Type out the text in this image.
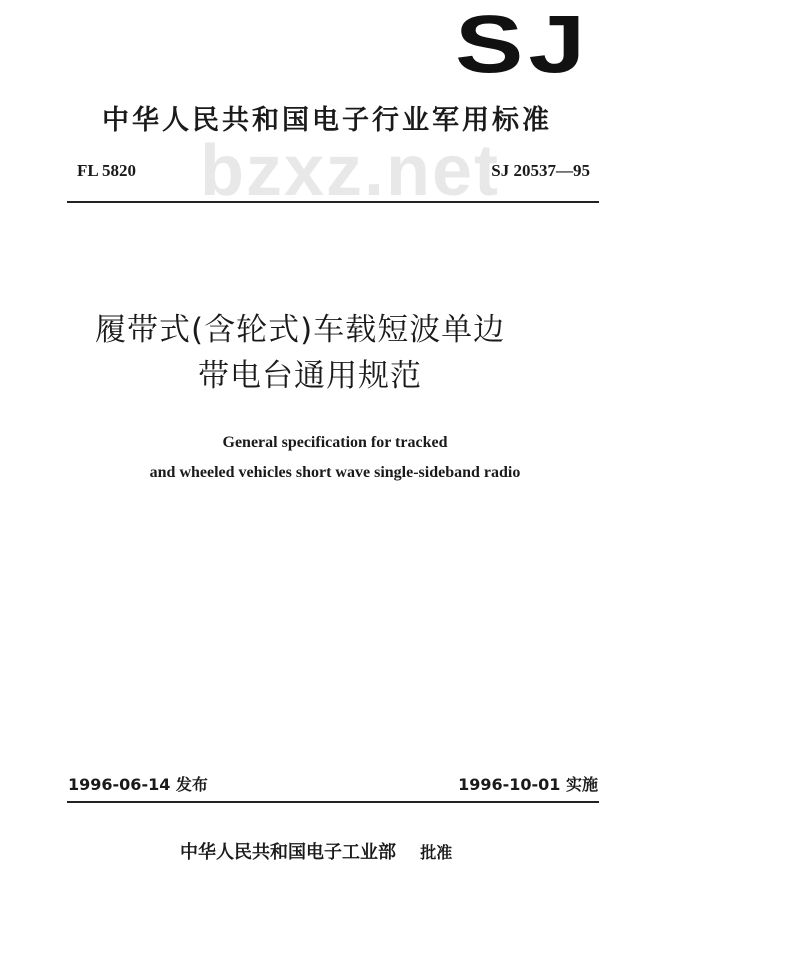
bzxz.net
SJ
中华人民共和国电子行业军用标准
FL 5820	SJ 20537—95
履带式(含轮式)车载短波单边
带电台通用规范
General specification for tracked
and wheeled vehicles short wave single-sideband radio
1996-06-14 发布	1996-10-01 实施
中华人民共和国电子工业部 批准
